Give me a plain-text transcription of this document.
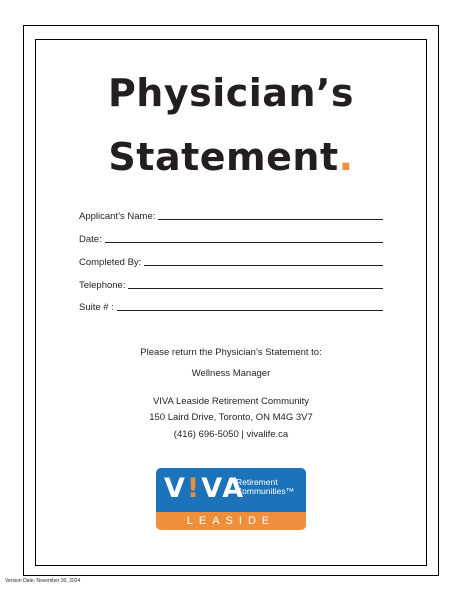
Physician’s
Statement.
Applicant’s Name:
Date:
Completed By:
Telephone:
Suite # :
Please return the Physician’s Statement to:
Wellness Manager
VIVA Leaside Retirement Community
150 Laird Drive, Toronto, ON M4G 3V7
(416) 696-5050 | vivalife.ca
V!VA
Retirement
Communities™
LEASIDE
Version Date: November 30, 2024
